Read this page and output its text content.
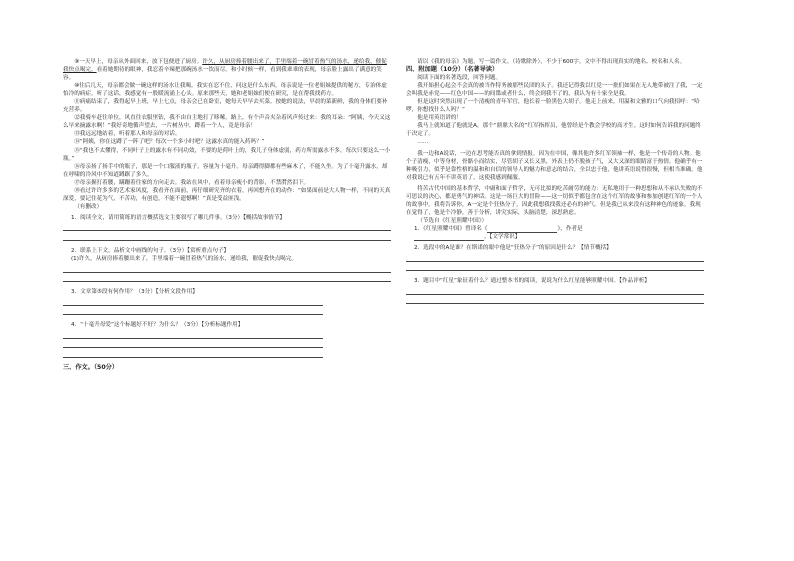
⑨一天早上，母亲从外面回来，放下包便进了厨房。许久，从厨房捧着腰出来了，手里端着一碗冒着热气的汤水，递给我，催促我快点喝完。看着她期待的眼神，我忍着辛辣把那碗汤水一饮而尽。和小时候一样，看到我乖乖的表现，母亲脸上露出了满意的笑容。

⑩往后几天，母亲都会做一碗这样的汤水让我喝。我实在忍不住，问这是什么东西。母亲说是一位老姐妹提供的秘方，专治体虚怕冷的病症。听了这话，我感觉有一股暖流涌上心头。原来那些天，她和老姐妹们便在研究，是在帮我找药方。

⑪病痛结束了，我得起早上班，早上七点，母亲会已在卧室，她每天早早去买菜。按她的说法，早晨的菜新鲜，我的身体们要补充营养。

⑫我骑车赶往单位，风直往衣服里钻，我不由自主地打了哆嗦。路上，有个声音夹杂着风声传过来：我的耳朵：“阿姨，今天又这么早来摘露水啊！”我好奇地循声望去，一片树丛中，蹲着一个人，竟是母亲！

⑬我远远地站着，听着那人和母亲的对话。

⑭“阿姨，你在这蹲了一阵了吧？每次一个多小时吧？这露水真的能入药吗？”

⑮“我也不太懂得，不同叶子上的露水有不同功效，不要的是荷叶上的，我儿子身体虚弱，药方所需露水不多，每次只要这么一小瓶。”

⑯母亲扬了扬手中的瓶子，那是一个口服液的瓶子，容量为十毫升。母亲蹲得脚都有些麻木了，不能久坐。为了十毫升露水，却在呼啸的冷风中不知道蹲踞了多久。

⑰母亲握打着腰，蹒跚着往家的方向走去。我站在风中，看着母亲瘦小的背影，不禁潸然泪下。

⑱看过许许多多的艺术家风度，我看齐在面前，再仔细研究齐的衣着，再回想齐在的动作：“如果面前是大人物一样，不同的天真深爱，要记住花为气，不苦功，有创造，不能不遗憾啊！”真是受益匪浅。

（有删改）

1．阅读全文，请用简练的语言概括选文主要叙写了哪几件事。（3分）【概括故事情节】

2．联系上下文，品析文中画线的句子。（3分）【赏析重点句子】

(1)许久，从厨房捧着腰出来了，手里端着一碗冒着热气的汤水，递给我，催促我快点喝完。

3．文章第⑤段有何作用？（3分）【分析文段作用】

4．“十毫升母爱”这个标题好不好？为什么？（3分）【分析标题作用】

三、作文。（50分）

请以《我的母亲》为题，写一篇作文。（诗歌除外），不少于600字。文中不得出现真实的地名、校名和人名。

四、附加题（10分）（名著导读）

阅读下面的名著选段，回答问题。

我开始担心起会不会真的被当作特务被那些民团的头子。我还记得我以红党一一批们如果在无人地带被注了我，一定会叫我是赤党——红色中国——的间谍或者什么，终会到我不了的，我认为有十家全是我。

但是这时突然出现了一个清瘦的青年军官，他长着一脸黑色大胡子。他走上前来，用温和文雅的口气向我招呼：“哈啰，你想找什么人吗？”

他是用英语讲的！

我马上就知道了他就是A，那个“鼎鼎大名的”红军指挥员，他曾经是个教会学校的高才生。这时如何告诉我的问题终于决定了。

……

我一边和A说话，一边在思考能否真的拿到情报。因为在中国，像其他许多红军领袖一样，他是一个传奇的人物。他个子清瘦，中等身材，骨骼小而结实，尽管胡子又长又黑，外表上仍不脱孩子气，又大又深的眼睛富于热情。他确乎有一种吸引力，似乎是靠性格的温和和自信的领导人的魅力和意志的结合，全以忠于他，他讲英语说得很慢，但相当准确。他对我说已有五年不讲英语了，这使我感到佩服。

将苦古代中国的基本哲学，中庸和面子哲学，无可比拟的吃苦耐劳的能力：无私地用于一种思想和从不承认失败的不可思议的决心，都是勇气的神话。这是一场巨大的冒险——这一切似乎都包含在这个红军的故事和参加创建红军的一个人的故事中。我将告诉你，A一定是个狂热分子，因此我想我找我还必有的神气。但是我已从来没有这种神色的迹象。我现在觉得了，他是个冷静，善于分析，讲究实际，头脑清楚，深思熟虑。

（节选自《红星照耀中国》）

1．《红星照耀中国》曾译名《	》，作者是

。【文学常识】

2．选段中的A是谁？在斯诺的眼中他是“狂热分子”的原因是什么？【情节概括】

3．题目中“红星”象征着什么？通过整本书的阅读，说说为什么红星能够照耀中国。【作品评析】
